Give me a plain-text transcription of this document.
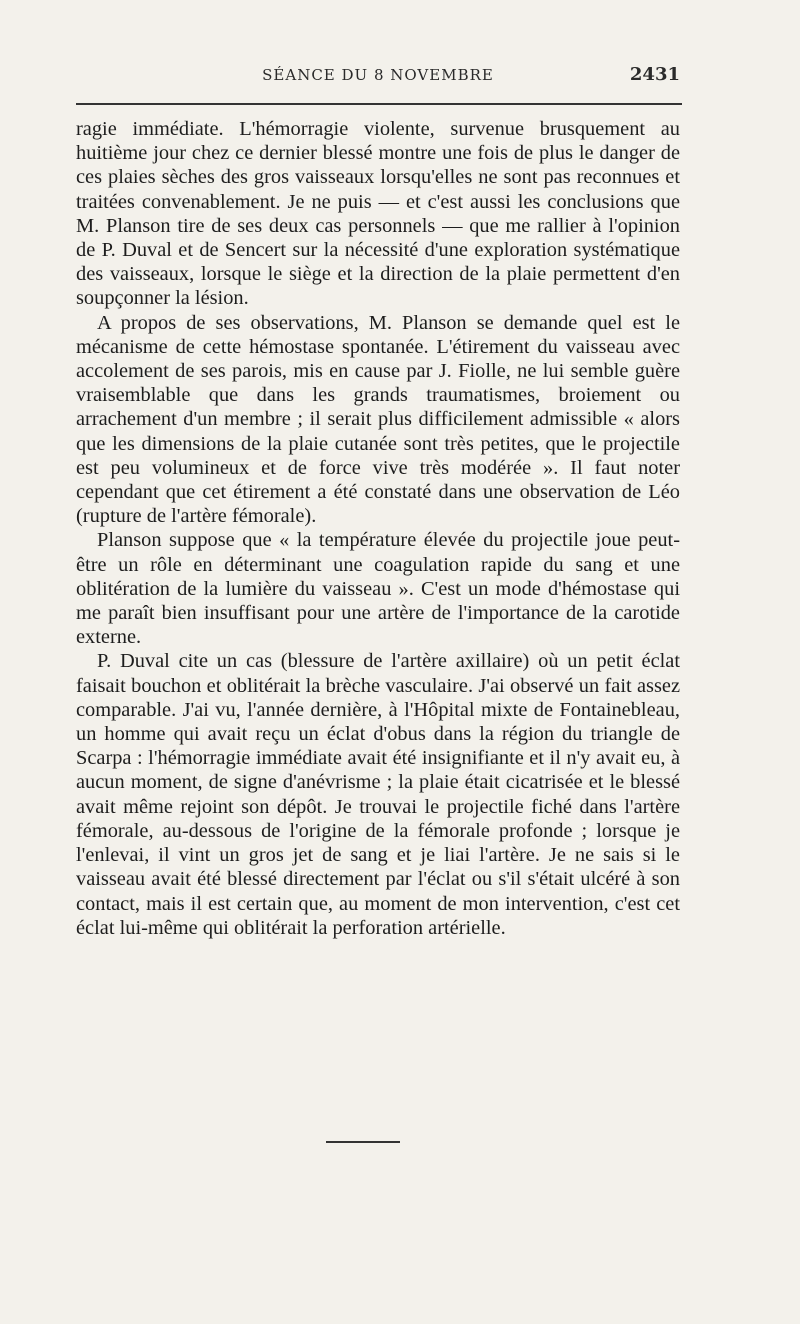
SÉANCE DU 8 NOVEMBRE	2431

ragie immédiate. L'hémorragie violente, survenue brusquement au huitième jour chez ce dernier blessé montre une fois de plus le danger de ces plaies sèches des gros vaisseaux lorsqu'elles ne sont pas reconnues et traitées convenablement. Je ne puis — et c'est aussi les conclusions que M. Planson tire de ses deux cas personnels — que me rallier à l'opinion de P. Duval et de Sencert sur la nécessité d'une exploration systématique des vaisseaux, lorsque le siège et la direction de la plaie permettent d'en soupçonner la lésion.

A propos de ses observations, M. Planson se demande quel est le mécanisme de cette hémostase spontanée. L'étirement du vaisseau avec accolement de ses parois, mis en cause par J. Fiolle, ne lui semble guère vraisemblable que dans les grands traumatismes, broiement ou arrachement d'un membre ; il serait plus difficilement admissible « alors que les dimensions de la plaie cutanée sont très petites, que le projectile est peu volumineux et de force vive très modérée ». Il faut noter cependant que cet étirement a été constaté dans une observation de Léo (rupture de l'artère fémorale).

Planson suppose que « la température élevée du projectile joue peut-être un rôle en déterminant une coagulation rapide du sang et une oblitération de la lumière du vaisseau ». C'est un mode d'hémostase qui me paraît bien insuffisant pour une artère de l'importance de la carotide externe.

P. Duval cite un cas (blessure de l'artère axillaire) où un petit éclat faisait bouchon et oblitérait la brèche vasculaire. J'ai observé un fait assez comparable. J'ai vu, l'année dernière, à l'Hôpital mixte de Fontainebleau, un homme qui avait reçu un éclat d'obus dans la région du triangle de Scarpa : l'hémorragie immédiate avait été insignifiante et il n'y avait eu, à aucun moment, de signe d'anévrisme ; la plaie était cicatrisée et le blessé avait même rejoint son dépôt. Je trouvai le projectile fiché dans l'artère fémorale, au-dessous de l'origine de la fémorale profonde ; lorsque je l'enlevai, il vint un gros jet de sang et je liai l'artère. Je ne sais si le vaisseau avait été blessé directement par l'éclat ou s'il s'était ulcéré à son contact, mais il est certain que, au moment de mon intervention, c'est cet éclat lui-même qui oblitérait la perforation artérielle.
